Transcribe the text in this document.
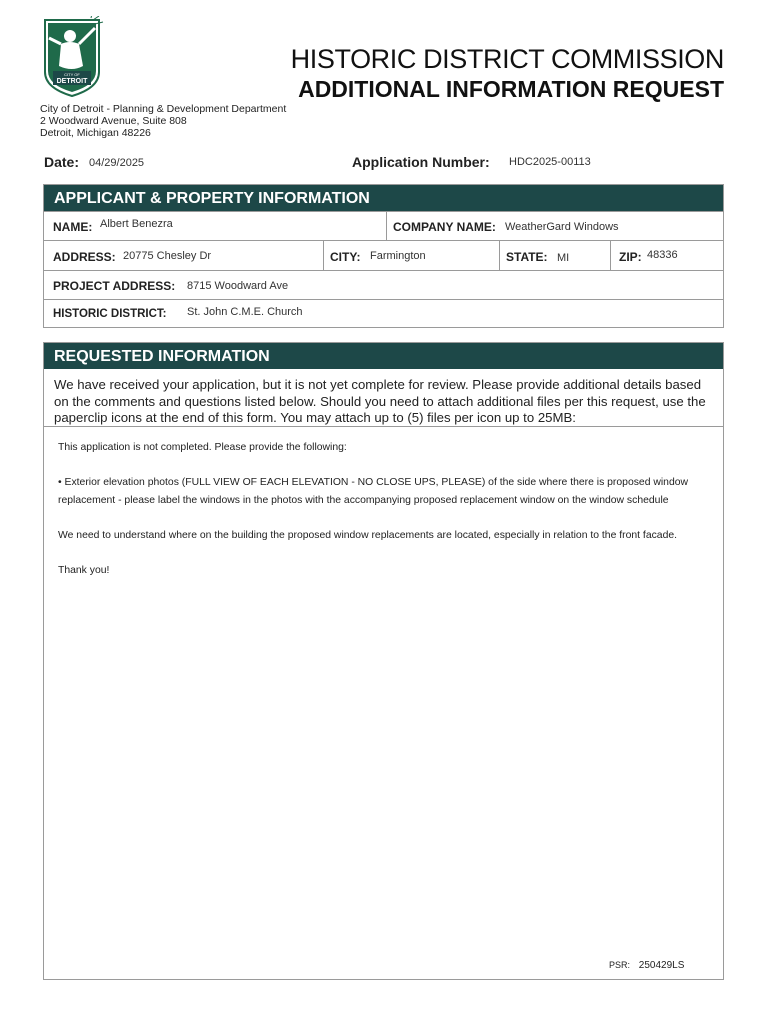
CITY OF
DETROIT
HISTORIC DISTRICT COMMISSION
ADDITIONAL INFORMATION REQUEST
City of Detroit - Planning & Development Department
2 Woodward Avenue, Suite 808
Detroit, Michigan 48226
Date: 04/29/2025	Application Number: HDC2025-00113
APPLICANT & PROPERTY INFORMATION
NAME: Albert Benezra	COMPANY NAME: WeatherGard Windows
ADDRESS: 20775 Chesley Dr	CITY: Farmington	STATE: MI	ZIP: 48336
PROJECT ADDRESS: 8715 Woodward Ave
HISTORIC DISTRICT: St. John C.M.E. Church
REQUESTED INFORMATION
We have received your application, but it is not yet complete for review. Please provide additional details based on the comments and questions listed below. Should you need to attach additional files per this request, use the paperclip icons at the end of this form. You may attach up to (5) files per icon up to 25MB:

This application is not completed. Please provide the following:

• Exterior elevation photos (FULL VIEW OF EACH ELEVATION - NO CLOSE UPS, PLEASE) of the side where there is proposed window replacement - please label the windows in the photos with the accompanying proposed replacement window on the window schedule

We need to understand where on the building the proposed window replacements are located, especially in relation to the front facade.

Thank you!

PSR: 250429LS
